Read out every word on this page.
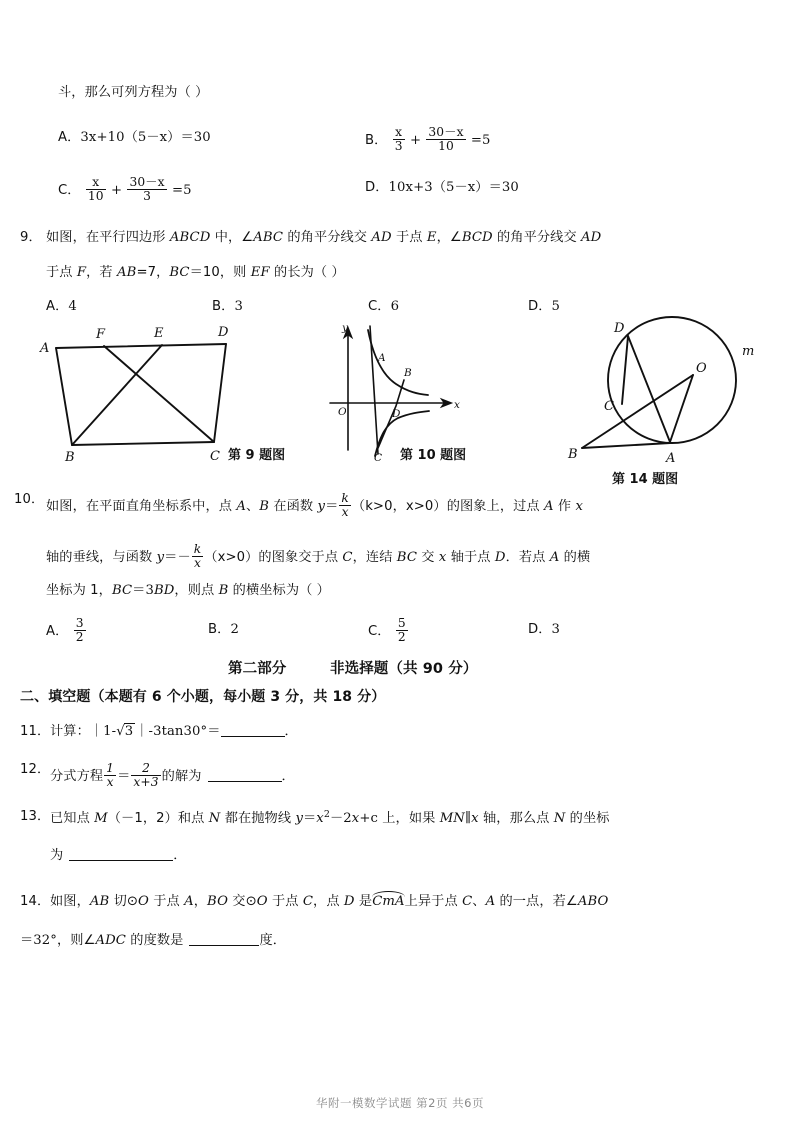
斗，那么可列方程为（ ）
A．3x+10（5－x）＝30	B． $\frac{x}{3} + \frac{30-x}{10} =5$
C． $\frac{x}{10} + \frac{30-x}{3} =5$	D．10x+3（5－x）＝30
9． 如图，在平行四边形 ABCD 中，∠ABC 的角平分线交 AD 于点 E，∠BCD 的角平分线交 AD
于点 F，若 AB=7，BC＝10，则 EF 的长为（ ）
A．4	B．3	C．6	D．5
A
F	E	D
B	C 第 9 题图
y
x
O
A
B
D
C 第 10 题图
D
m
O
C
B	A
第 14 题图
10． 如图，在平面直角坐标系中，点 A、B 在函数 $y= \frac{k}{x} (k>0$，x>0）的图象上，过点 A 作 x
轴的垂线，与函数 $y=- \frac{k}{x} (x>0)$的图象交于点 C，连结 BC 交 x 轴于点 D．若点 A 的横
坐标为 1，BC＝3BD，则点 B 的横坐标为（ ）
A． $\frac{3}{2}$	B．2	C． $\frac{5}{2}$	D．3
第二部分	非选择题（共 90 分）
二、填空题（本题有 6 个小题，每小题 3 分，共 18 分）
11． 计算：｜1-√3 ｜-3tan30°＝	．
12． 分式方程 $\frac{1}{x} = \frac{2}{x+3}$ 的解为	．
13． 已知点 M（－1，2）和点 N 都在抛物线 $y=x^2-2x+c$ 上，如果 MN∥x 轴，那么点 N 的坐标
为	．
14． 如图，AB 切⊙O 于点 A，BO 交⊙O 于点 C，点 D 是CmA上异于点 C、A 的一点，若∠ABO
＝32°，则∠ADC 的度数是	度．
华附一模数学试题 第2页 共6页
